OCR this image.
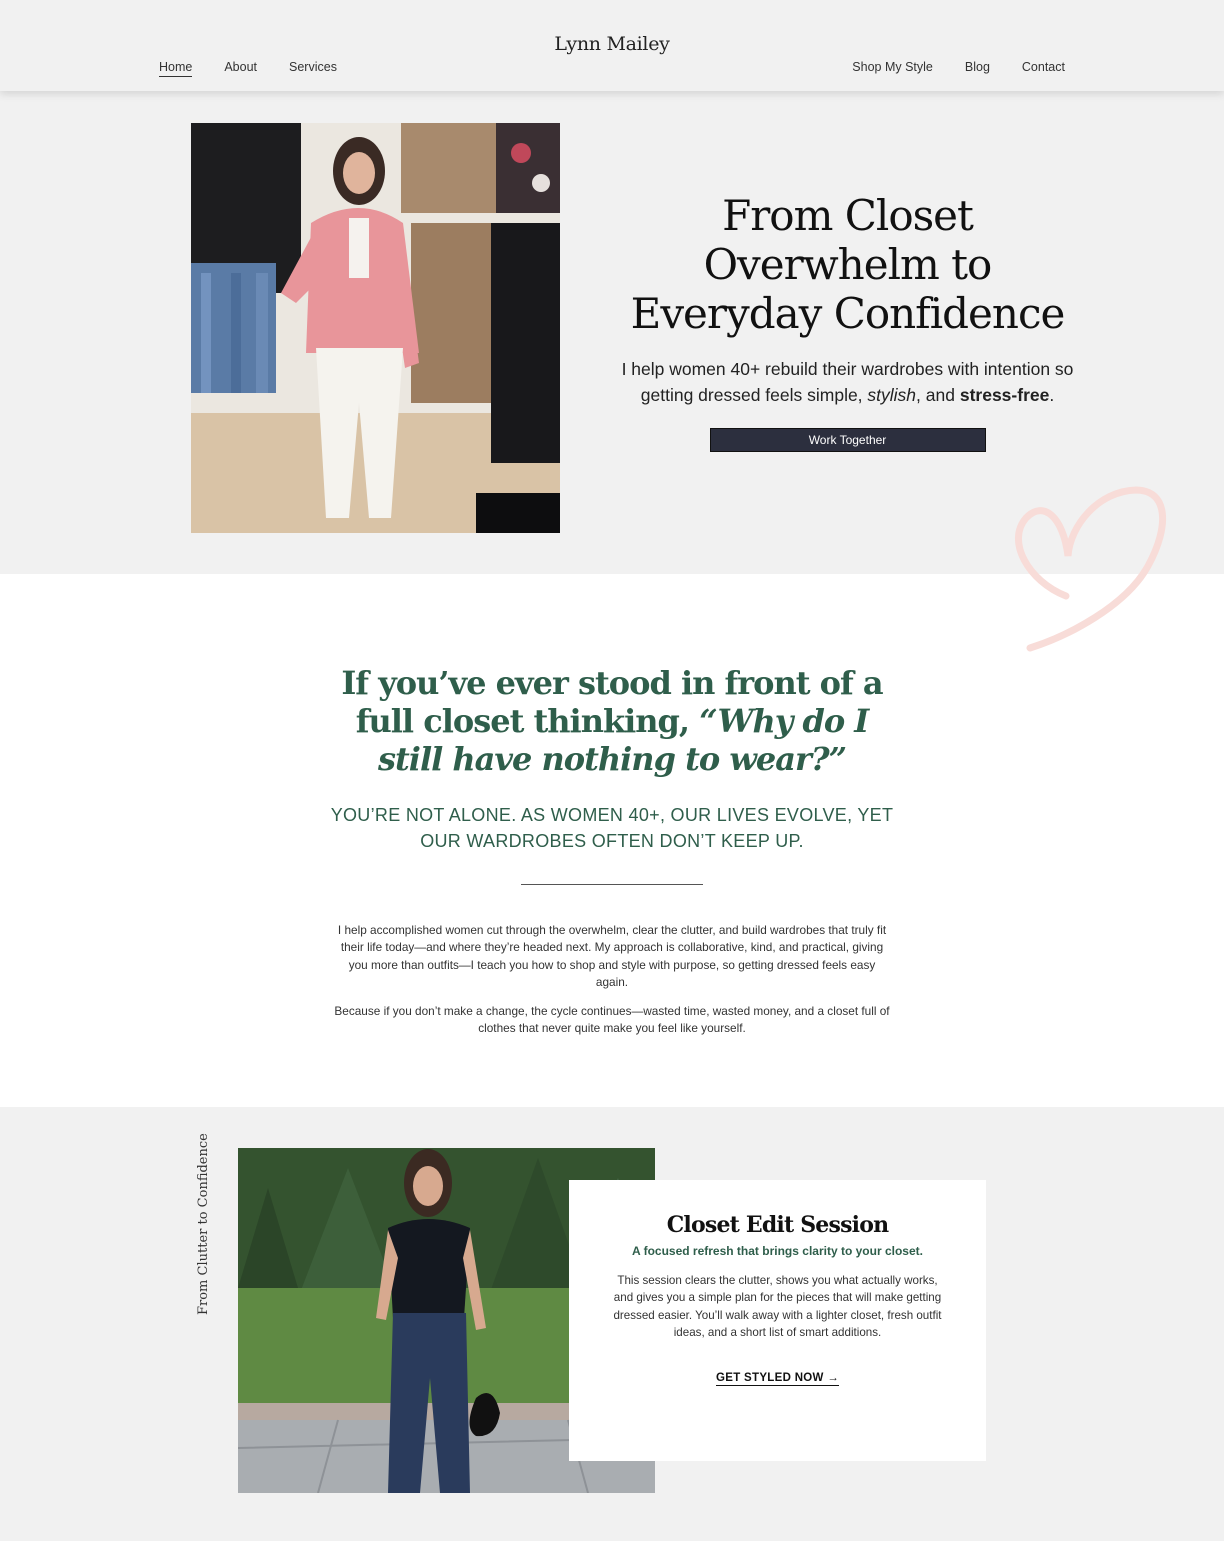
Lynn Mailey
Home	About	Services	Shop My Style	Blog	Contact
From Closet Overwhelm to Everyday Confidence

I help women 40+ rebuild their wardrobes with intention so getting dressed feels simple, stylish, and stress-free.

Work Together
If you’ve ever stood in front of a full closet thinking, “Why do I still have nothing to wear?”

YOU’RE NOT ALONE. AS WOMEN 40+, OUR LIVES EVOLVE, YET OUR WARDROBES OFTEN DON’T KEEP UP.

I help accomplished women cut through the overwhelm, clear the clutter, and build wardrobes that truly fit their life today—and where they’re headed next. My approach is collaborative, kind, and practical, giving you more than outfits—I teach you how to shop and style with purpose, so getting dressed feels easy again.

Because if you don’t make a change, the cycle continues—wasted time, wasted money, and a closet full of clothes that never quite make you feel like yourself.

From Clutter to Confidence	Closet Edit Session

A focused refresh that brings clarity to your closet.

This session clears the clutter, shows you what actually works, and gives you a simple plan for the pieces that will make getting dressed easier. You’ll walk away with a lighter closet, fresh outfit ideas, and a short list of smart additions.

GET STYLED NOW →
